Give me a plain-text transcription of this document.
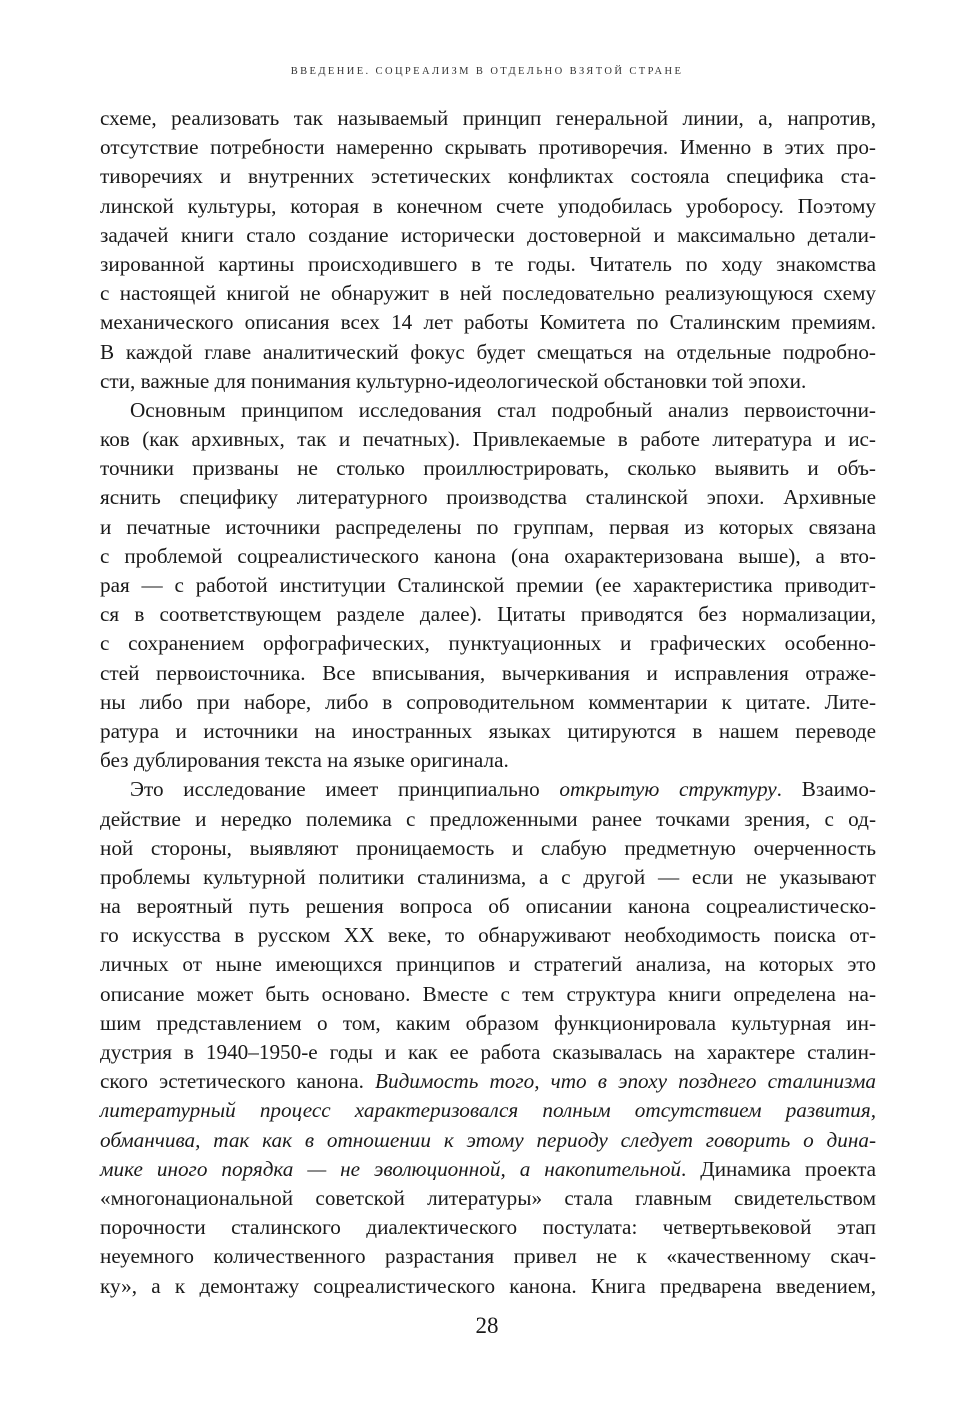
ВВЕДЕНИЕ. СОЦРЕАЛИЗМ В ОТДЕЛЬНО ВЗЯТОЙ СТРАНЕ
схеме, реализовать так называемый принцип генеральной линии, а, напротив,
отсутствие потребности намеренно скрывать противоречия. Именно в этих про-
тиворечиях и внутренних эстетических конфликтах состояла специфика ста-
линской культуры, которая в конечном счете уподобилась уроборосу. Поэтому
задачей книги стало создание исторически достоверной и максимально детали-
зированной картины происходившего в те годы. Читатель по ходу знакомства
с настоящей книгой не обнаружит в ней последовательно реализующуюся схему
механического описания всех 14 лет работы Комитета по Сталинским премиям.
В каждой главе аналитический фокус будет смещаться на отдельные подробно-
сти, важные для понимания культурно-идеологической обстановки той эпохи.
Основным принципом исследования стал подробный анализ первоисточни-
ков (как архивных, так и печатных). Привлекаемые в работе литература и ис-
точники призваны не столько проиллюстрировать, сколько выявить и объ-
яснить специфику литературного производства сталинской эпохи. Архивные
и печатные источники распределены по группам, первая из которых связана
с проблемой соцреалистического канона (она охарактеризована выше), а вто-
рая — с работой институции Сталинской премии (ее характеристика приводит-
ся в соответствующем разделе далее). Цитаты приводятся без нормализации,
с сохранением орфографических, пунктуационных и графических особенно-
стей первоисточника. Все вписывания, вычеркивания и исправления отраже-
ны либо при наборе, либо в сопроводительном комментарии к цитате. Лите-
ратура и источники на иностранных языках цитируются в нашем переводе
без дублирования текста на языке оригинала.
Это исследование имеет принципиально открытую структуру. Взаимо-
действие и нередко полемика с предложенными ранее точками зрения, с од-
ной стороны, выявляют проницаемость и слабую предметную очерченность
проблемы культурной политики сталинизма, а с другой — если не указывают
на вероятный путь решения вопроса об описании канона соцреалистическо-
го искусства в русском XX веке, то обнаруживают необходимость поиска от-
личных от ныне имеющихся принципов и стратегий анализа, на которых это
описание может быть основано. Вместе с тем структура книги определена на-
шим представлением о том, каким образом функционировала культурная ин-
дустрия в 1940–1950-е годы и как ее работа сказывалась на характере сталин-
ского эстетического канона. Видимость того, что в эпоху позднего сталинизма
литературный процесс характеризовался полным отсутствием развития,
обманчива, так как в отношении к этому периоду следует говорить о дина-
мике иного порядка — не эволюционной, а накопительной. Динамика проекта
«многонациональной советской литературы» стала главным свидетельством
порочности сталинского диалектического постулата: четвертьвековой этап
неуемного количественного разрастания привел не к «качественному скач-
ку», а к демонтажу соцреалистического канона. Книга предварена введением,
28
